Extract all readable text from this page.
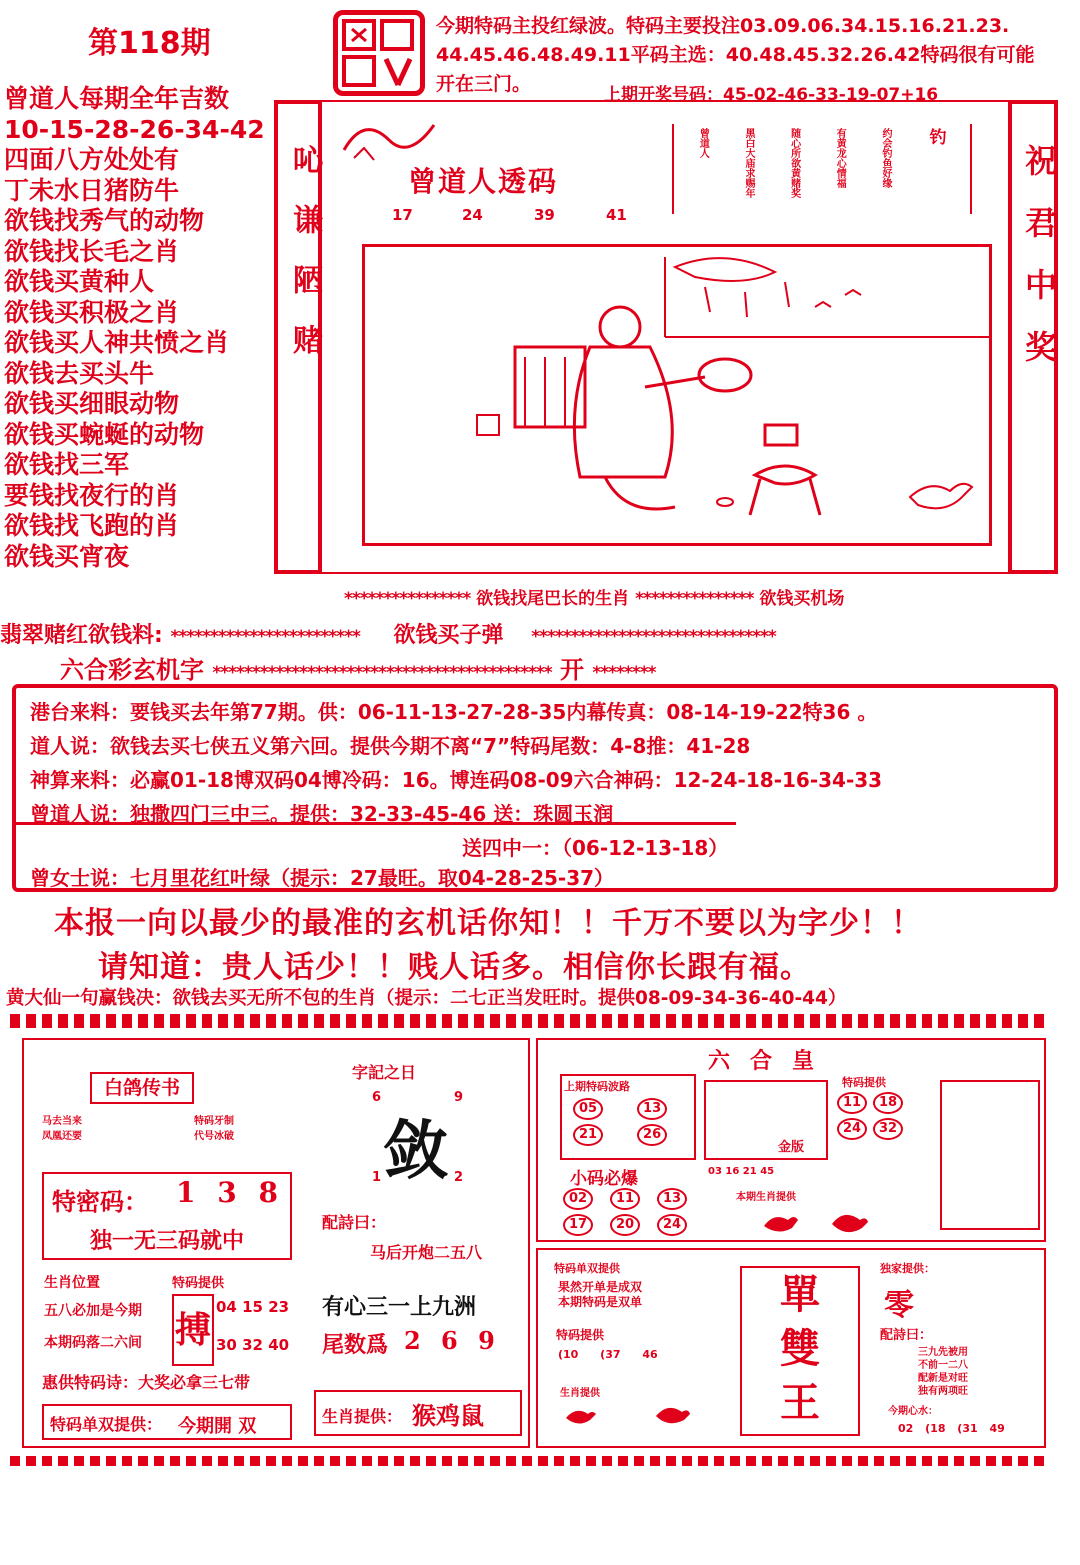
第118期	今期特码主投红绿波。特码主要投注03.09.06.34.15.16.21.23.
44.45.46.48.49.11平码主选：40.48.45.32.26.42特码很有可能
开在三门。	上期开奖号码：45-02-46-33-19-07+16
曾道人每期全年吉数
10-15-28-26-34-42
四面八方处处有
丁未水日猪防牛
欲钱找秀气的动物
欲钱找长毛之肖
欲钱买黄种人
欲钱买积极之肖
欲钱买人神共愤之肖
欲钱去买头牛
欲钱买细眼动物
欲钱买蜿蜒的动物
欲钱找三军
要钱找夜行的肖
欲钱找飞跑的肖
欲钱买宵夜
吣谦陋赌	祝君中奖
曾道人透码
17	24	39	41
钓
约会钓鱼好缘
有黄龙心情福
随心所欲黄赌奖
黑白大庙求赐年
曾道人
**************** 欲钱找尾巴长的生肖 *************** 欲钱买机场
翡翠赌红欲钱料: ************************ 欲钱买子弹 *******************************
六合彩玄机字 ******************************************* 开 ********
港台来料：要钱买去年第77期。供：06-11-13-27-28-35内幕传真：08-14-19-22特36 。
道人说：欲钱去买七侠五义第六回。提供今期不离“7”特码尾数：4-8推：41-28
神算来料：必赢01-18博双码04博冷码：16。博连码08-09六合神码：12-24-18-16-34-33
曾道人说：独撒四门三中三。提供：32-33-45-46 送：珠圆玉润
送四中一：（06-12-13-18）
曾女士说：七月里花红叶绿（提示：27最旺。取04-28-25-37）
本报一向以最少的最准的玄机话你知！！千万不要以为字少！！
请知道：贵人话少！！贱人话多。相信你长跟有福。
黄大仙一句赢钱决：欲钱去买无所不包的生肖（提示：二七正当发旺时。提供08-09-34-36-40-44）
白鸽传书
马去当来
凤凰还要
特码牙制
代号冰破
特密码： 1 3 8
独一无三码就中
生肖位置
五八必加是今期
本期码落二六间
特码提供
搏
04 15 23
30 32 40
惠供特码诗：大奖必拿三七带
特码单双提供： 今期開 双
字記之日
6	9
敛
1	2
配詩曰：
马后开炮二五八
有心三一上九洲
尾数爲 2 6 9
生肖提供： 猴鸡鼠
六合皇
上期特码波路
05	13
21	26
金版
特码提供
11 18
24 32
小码必爆	03 16 21 45
本期生肖提供
02 11 13
17 20 24
特码单双提供
果然开单是成双
本期特码是双单
特码提供
(10 (37 46
生肖提供
單
雙
王
独家提供：
零
配詩曰：
三九先被用
不前一二八
配新是对旺
独有两项旺
今期心水：
02 (18 (31 49
